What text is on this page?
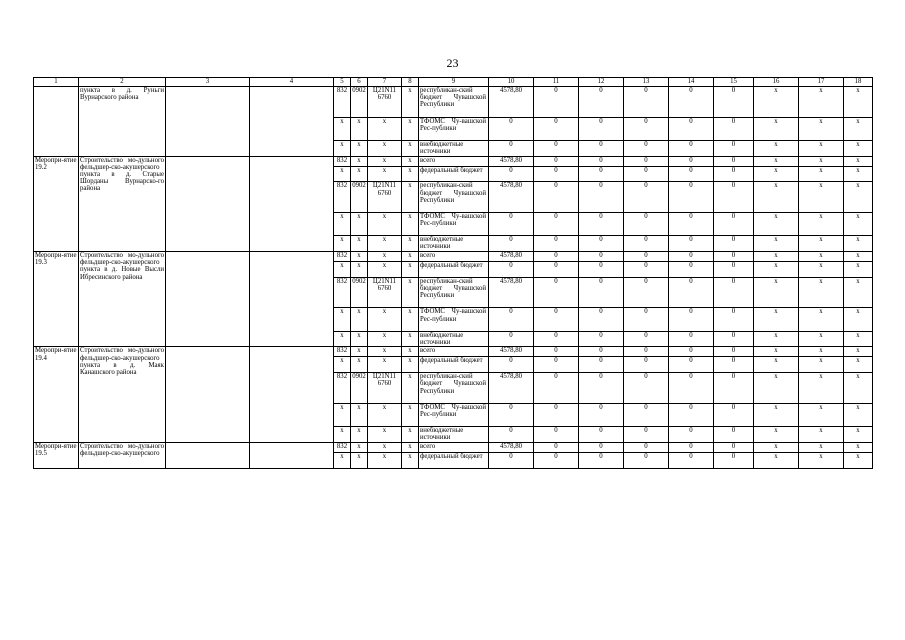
23
1	2	3	4	5	6	7	8	9	10	11	12	13	14	15	16	17	18
	пункта в д. Руньги Вурнарского района			832	0902	Ц21N11
6760	x	республикан-ский бюджет Чувашской Республики	4578,80	0	0	0	0	0	x	x	x
				x	x	x	x	ТФОМС Чу-вашской Рес-публики	0	0	0	0	0	0	x	x	x
				x	x	x	x	внебюджетные источники	0	0	0	0	0	0	x	x	x
Меропри-ятие 19.2	Строительство мо-дульного фельдшер-ско-акушерского пункта в д. Старые Шорданы Вурнарско-го района			832	x	x	x	всего	4578,80	0	0	0	0	0	x	x	x
				x	x	x	x	федеральный бюджет	0	0	0	0	0	0	x	x	x
				832	0902	Ц21N11
6760	x	республикан-ский бюджет Чувашской Республики	4578,80	0	0	0	0	0	x	x	x
				x	x	x	x	ТФОМС Чу-вашской Рес-публики	0	0	0	0	0	0	x	x	x
				x	x	x	x	внебюджетные источники	0	0	0	0	0	0	x	x	x
Меропри-ятие 19.3	Строительство мо-дульного фельдшер-ско-акушерского пункта в д. Новые Высли Ибресинского района			832	x	x	x	всего	4578,80	0	0	0	0	0	x	x	x
				x	x	x	x	федеральный бюджет	0	0	0	0	0	0	x	x	x
				832	0902	Ц21N11
6760	x	республикан-ский бюджет Чувашской Республики	4578,80	0	0	0	0	0	x	x	x
				x	x	x	x	ТФОМС Чу-вашской Рес-публики	0	0	0	0	0	0	x	x	x
				x	x	x	x	внебюджетные источники	0	0	0	0	0	0	x	x	x
Меропри-ятие 19.4	Строительство мо-дульного фельдшер-ско-акушерского пункта в д. Маяк Канашского района			832	x	x	x	всего	4578,80	0	0	0	0	0	x	x	x
				x	x	x	x	федеральный бюджет	0	0	0	0	0	0	x	x	x
				832	0902	Ц21N11
6760	x	республикан-ский бюджет Чувашской Республики	4578,80	0	0	0	0	0	x	x	x
				x	x	x	x	ТФОМС Чу-вашской Рес-публики	0	0	0	0	0	0	x	x	x
				x	x	x	x	внебюджетные источники	0	0	0	0	0	0	x	x	x
Меропри-ятие 19.5	Строительство мо-дульного фельдшер-ско-акушерского			832	x	x	x	всего	4578,80	0	0	0	0	0	x	x	x
				x	x	x	x	федеральный бюджет	0	0	0	0	0	0	x	x	x
